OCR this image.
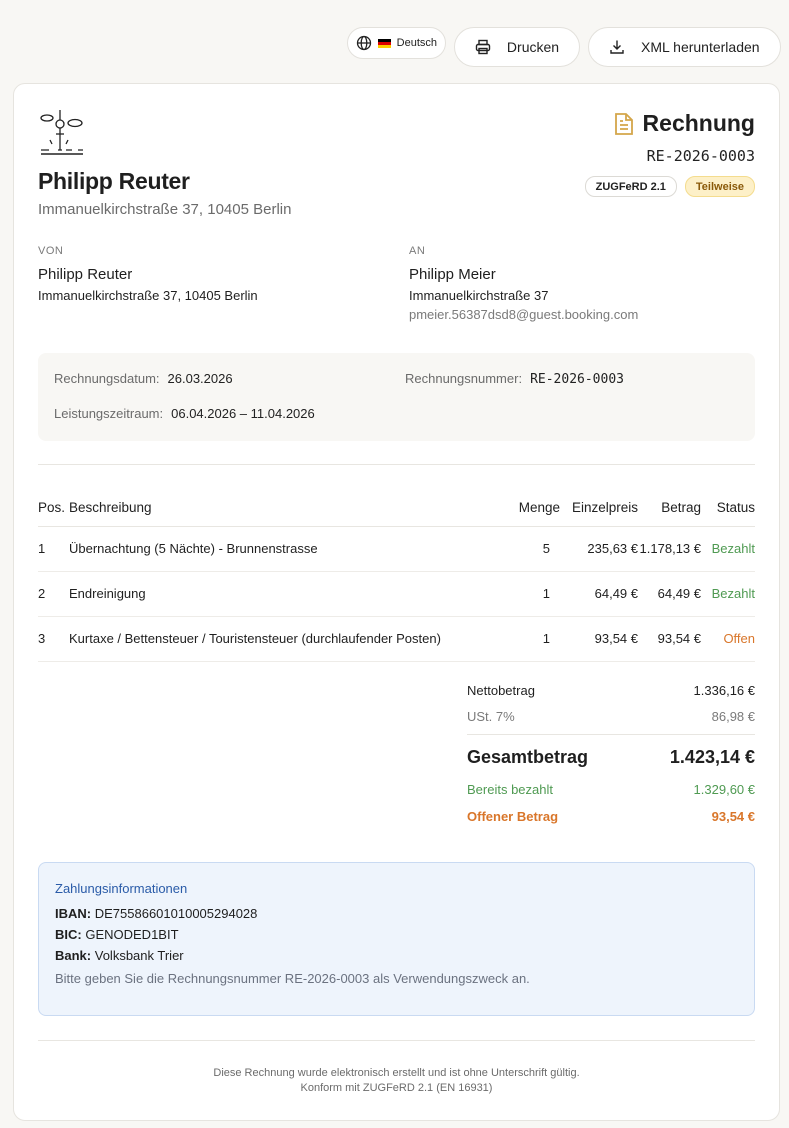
Deutsch	Drucken	XML herunterladen
Philipp Reuter
Immanuelkirchstraße 37, 10405 Berlin
Rechnung
RE-2026-0003
ZUGFeRD 2.1	Teilweise
VON
Philipp Reuter
Immanuelkirchstraße 37, 10405 Berlin
AN
Philipp Meier
Immanuelkirchstraße 37
pmeier.56387dsd8@guest.booking.com
Rechnungsdatum: 26.03.2026	Rechnungsnummer: RE-2026-0003
Leistungszeitraum: 06.04.2026 – 11.04.2026
Pos.	Beschreibung	Menge	Einzelpreis	Betrag	Status
1	Übernachtung (5 Nächte) - Brunnenstrasse	5	235,63 €	1.178,13 €	Bezahlt
2	Endreinigung	1	64,49 €	64,49 €	Bezahlt
3	Kurtaxe / Bettensteuer / Touristensteuer (durchlaufender Posten)	1	93,54 €	93,54 €	Offen
Nettobetrag	1.336,16 €
USt. 7%	86,98 €
Gesamtbetrag	1.423,14 €
Bereits bezahlt	1.329,60 €
Offener Betrag	93,54 €
Zahlungsinformationen
IBAN: DE75586601010005294028
BIC: GENODED1BIT
Bank: Volksbank Trier
Bitte geben Sie die Rechnungsnummer RE-2026-0003 als Verwendungszweck an.
Diese Rechnung wurde elektronisch erstellt und ist ohne Unterschrift gültig.
Konform mit ZUGFeRD 2.1 (EN 16931)
